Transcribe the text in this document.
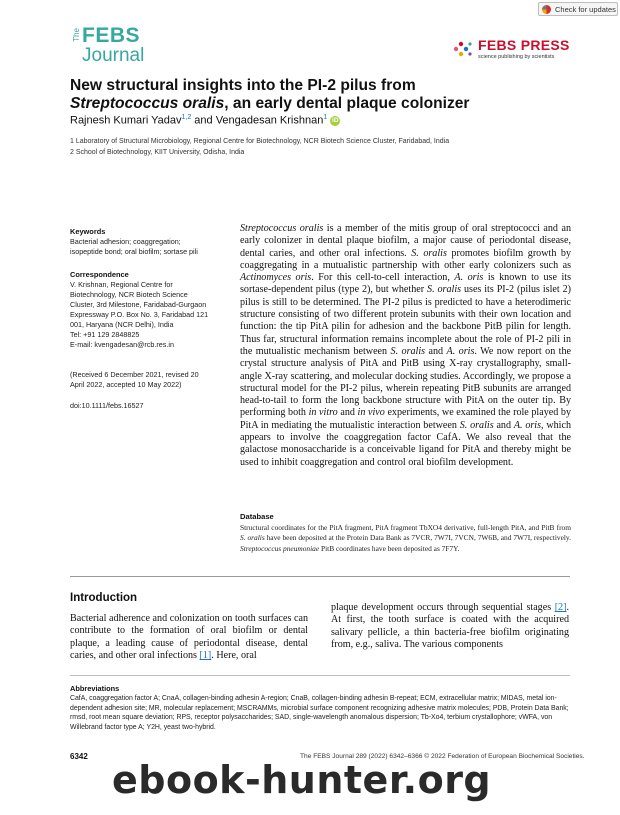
Check for updates
The FEBS
Journal	FEBS PRESS
science publishing by scientists
New structural insights into the PI-2 pilus from
Streptococcus oralis, an early dental plaque colonizer
Rajnesh Kumari Yadav$^{1,2}$ and Vengadesan Krishnan$^1$ iD
1 Laboratory of Structural Microbiology, Regional Centre for Biotechnology, NCR Biotech Science Cluster, Faridabad, India
2 School of Biotechnology, KIIT University, Odisha, India
Keywords

Bacterial adhesion; coaggregation;

isopeptide bond; oral biofilm; sortase pili

Correspondence

V. Krishnan, Regional Centre for

Biotechnology, NCR Biotech Science

Cluster, 3rd Milestone, Faridabad-Gurgaon

Expressway P.O. Box No. 3, Faridabad 121

001, Haryana (NCR Delhi), India

Tel: +91 129 2848825

E-mail: kvengadesan@rcb.res.in

(Received 6 December 2021, revised 20

April 2022, accepted 10 May 2022)

doi:10.1111/febs.16527

Streptococcus oralis is a member of the mitis group of oral streptococci and an early colonizer in dental plaque biofilm, a major cause of periodontal disease, dental caries, and other oral infections. S. oralis promotes biofilm growth by coaggregating in a mutualistic partnership with other early colonizers such as Actinomyces oris. For this cell-to-cell interaction, A. oris is known to use its sortase-dependent pilus (type 2), but whether S. oralis uses its PI-2 (pilus islet 2) pilus is still to be determined. The PI-2 pilus is predicted to have a heterodimeric structure consisting of two different protein subunits with their own location and function: the tip PitA pilin for adhesion and the backbone PitB pilin for length. Thus far, structural information remains incomplete about the role of PI-2 pili in the mutualistic mechanism between S. oralis and A. oris. We now report on the crystal structure analysis of PitA and PitB using X-ray crystallography, small-angle X-ray scattering, and molecular docking studies. Accordingly, we propose a structural model for the PI-2 pilus, wherein repeating PitB subunits are arranged head-to-tail to form the long backbone structure with PitA on the outer tip. By performing both in vitro and in vivo experiments, we examined the role played by PitA in mediating the mutualistic interaction between S. oralis and A. oris, which appears to involve the coaggregation factor CafA. We also reveal that the galactose monosaccharide is a conceivable ligand for PitA and thereby might be used to inhibit coaggregation and control oral biofilm development.

Database

Structural coordinates for the PitA fragment, PitA fragment TbXO4 derivative, full-length PitA, and PitB from S. oralis have been deposited at the Protein Data Bank as 7VCR, 7W7I, 7VCN, 7W6B, and 7W7I, respectively. Streptococcus pneumoniae PitB coordinates have been deposited as 7F7Y.

Introduction

Bacterial adherence and colonization on tooth surfaces can contribute to the formation of oral biofilm or dental plaque, a leading cause of periodontal disease, dental caries, and other oral infections [1]. Here, oral

plaque development occurs through sequential stages [2]. At first, the tooth surface is coated with the acquired salivary pellicle, a thin bacteria-free biofilm originating from, e.g., saliva. The various components

Abbreviations

CafA, coaggregation factor A; CnaA, collagen-binding adhesin A-region; CnaB, collagen-binding adhesin B-repeat; ECM, extracellular matrix; MIDAS, metal ion-dependent adhesion site; MR, molecular replacement; MSCRAMMs, microbial surface component recognizing adhesive matrix molecules; PDB, Protein Data Bank; rmsd, root mean square deviation; RPS, receptor polysaccharides; SAD, single-wavelength anomalous dispersion; Tb-Xo4, terbium crystallophore; vWFA, von Willebrand factor type A; Y2H, yeast two-hybrid.

6342	The FEBS Journal 289 (2022) 6342–6366 © 2022 Federation of European Biochemical Societies.
ebook-hunter.org
